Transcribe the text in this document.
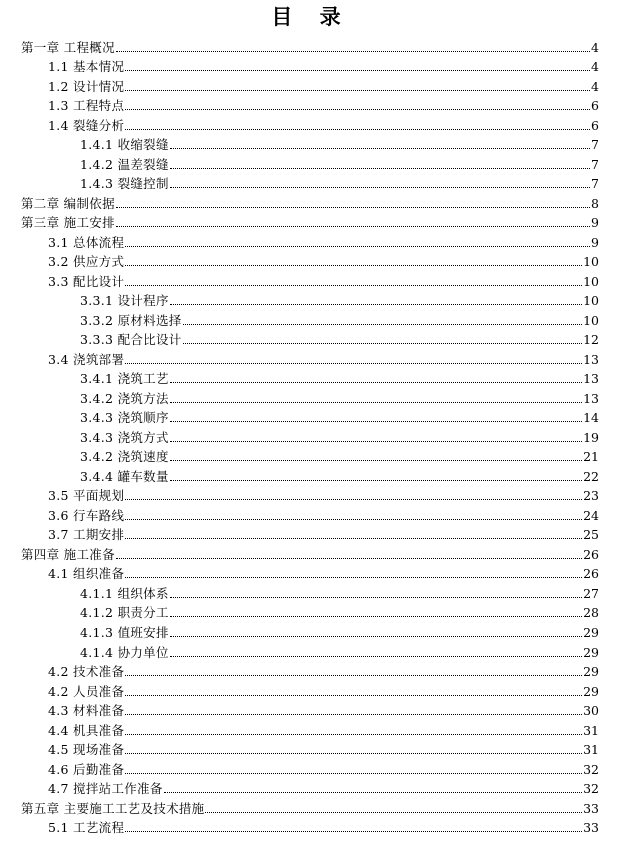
目 录
第一章 工程概况	4
1.1 基本情况	4
1.2 设计情况	4
1.3 工程特点	6
1.4 裂缝分析	6
1.4.1 收缩裂缝	7
1.4.2 温差裂缝	7
1.4.3 裂缝控制	7
第二章 编制依据	8
第三章 施工安排	9
3.1 总体流程	9
3.2 供应方式	10
3.3 配比设计	10
3.3.1 设计程序	10
3.3.2 原材料选择	10
3.3.3 配合比设计	12
3.4 浇筑部署	13
3.4.1 浇筑工艺	13
3.4.2 浇筑方法	13
3.4.3 浇筑顺序	14
3.4.3 浇筑方式	19
3.4.2 浇筑速度	21
3.4.4 罐车数量	22
3.5 平面规划	23
3.6 行车路线	24
3.7 工期安排	25
第四章 施工准备	26
4.1 组织准备	26
4.1.1 组织体系	27
4.1.2 职责分工	28
4.1.3 值班安排	29
4.1.4 协力单位	29
4.2 技术准备	29
4.2 人员准备	29
4.3 材料准备	30
4.4 机具准备	31
4.5 现场准备	31
4.6 后勤准备	32
4.7 搅拌站工作准备	32
第五章 主要施工工艺及技术措施	33
5.1 工艺流程	33
